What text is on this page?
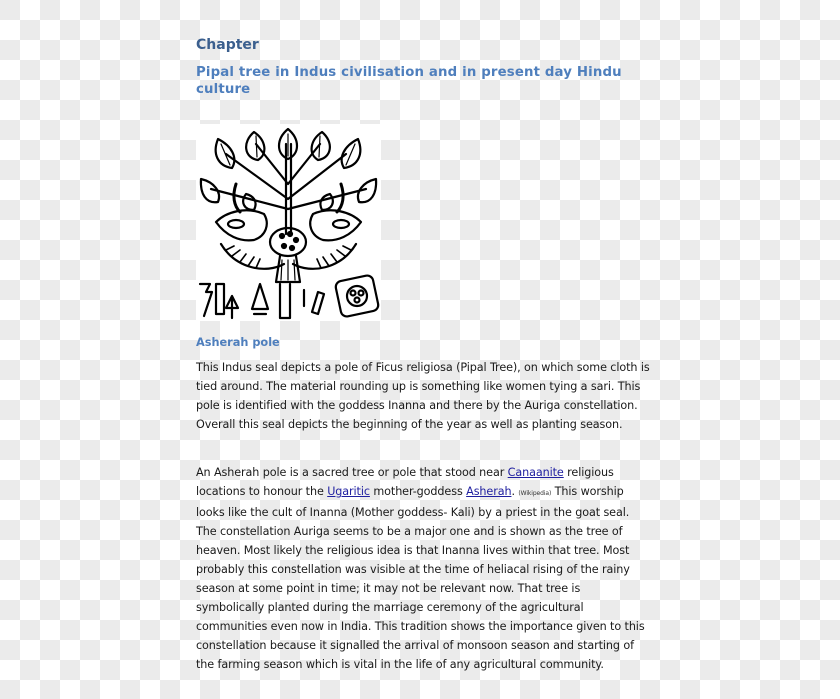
Chapter
Pipal tree in Indus civilisation and in present day Hindu culture
Asherah pole

This Indus seal depicts a pole of Ficus religiosa (Pipal Tree), on which some cloth is tied around. The material rounding up is something like women tying a sari. This pole is identified with the goddess Inanna and there by the Auriga constellation. Overall this seal depicts the beginning of the year as well as planting season.

An Asherah pole is a sacred tree or pole that stood near Canaanite religious locations to honour the Ugaritic mother-goddess Asherah. (Wikipedia) This worship looks like the cult of Inanna (Mother goddess- Kali) by a priest in the goat seal. The constellation Auriga seems to be a major one and is shown as the tree of heaven. Most likely the religious idea is that Inanna lives within that tree. Most probably this constellation was visible at the time of heliacal rising of the rainy season at some point in time; it may not be relevant now. That tree is symbolically planted during the marriage ceremony of the agricultural communities even now in India. This tradition shows the importance given to this constellation because it signalled the arrival of monsoon season and starting of the farming season which is vital in the life of any agricultural community.
